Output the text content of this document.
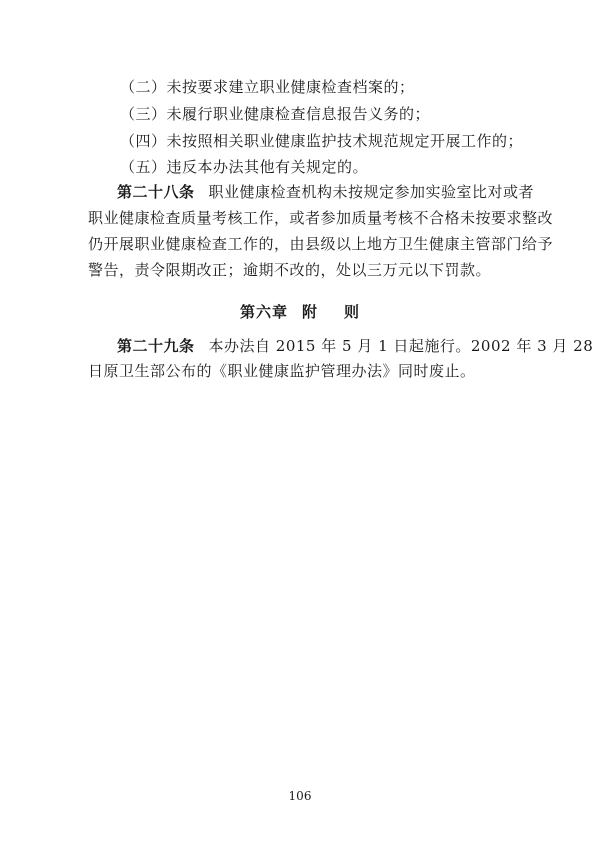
（二）未按要求建立职业健康检查档案的；
（三）未履行职业健康检查信息报告义务的；
（四）未按照相关职业健康监护技术规范规定开展工作的；
（五）违反本办法其他有关规定的。
第二十八条 职业健康检查机构未按规定参加实验室比对或者
职业健康检查质量考核工作，或者参加质量考核不合格未按要求整改
仍开展职业健康检查工作的，由县级以上地方卫生健康主管部门给予
警告，责令限期改正；逾期不改的，处以三万元以下罚款。
第六章 附 则
第二十九条 本办法自 2015 年 5 月 1 日起施行。2002 年 3 月 28
日原卫生部公布的《职业健康监护管理办法》同时废止。
106
